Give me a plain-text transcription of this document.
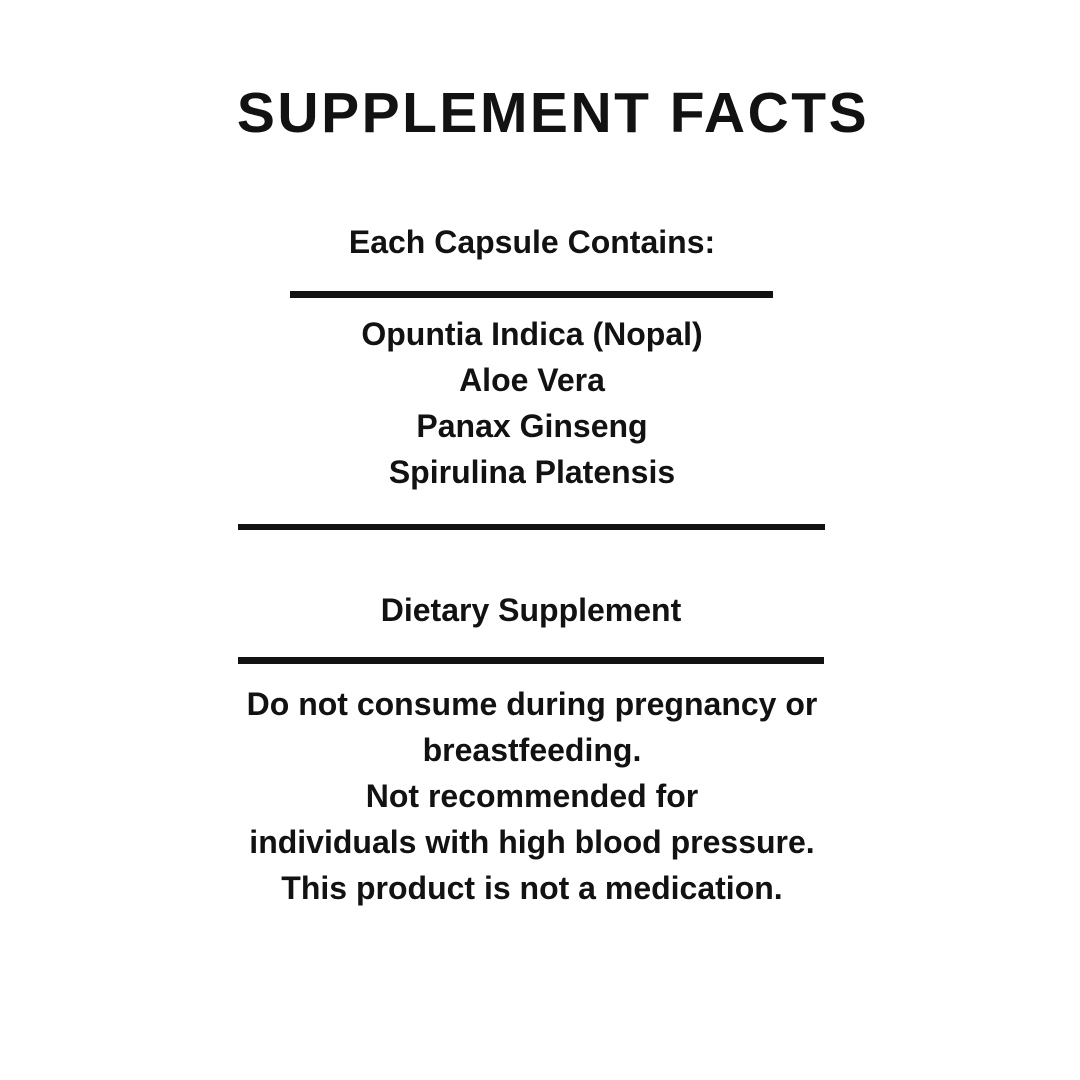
SUPPLEMENT FACTS
Each Capsule Contains:
Opuntia Indica (Nopal)
Aloe Vera
Panax Ginseng
Spirulina Platensis
Dietary Supplement
Do not consume during pregnancy or
breastfeeding.
Not recommended for
individuals with high blood pressure.
This product is not a medication.
